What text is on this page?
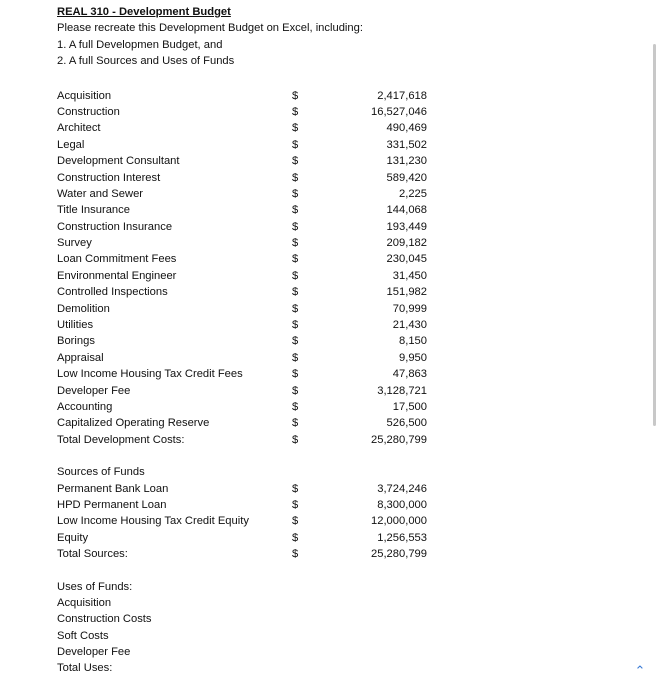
REAL 310 - Development Budget
Please recreate this Development Budget on Excel, including:
1. A full Developmen Budget, and
2. A full Sources and Uses of Funds
Acquisition	$	2,417,618
Construction	$	16,527,046
Architect	$	490,469
Legal	$	331,502
Development Consultant	$	131,230
Construction Interest	$	589,420
Water and Sewer	$	2,225
Title Insurance	$	144,068
Construction Insurance	$	193,449
Survey	$	209,182
Loan Commitment Fees	$	230,045
Environmental Engineer	$	31,450
Controlled Inspections	$	151,982
Demolition	$	70,999
Utilities	$	21,430
Borings	$	8,150
Appraisal	$	9,950
Low Income Housing Tax Credit Fees	$	47,863
Developer Fee	$	3,128,721
Accounting	$	17,500
Capitalized Operating Reserve	$	526,500
Total Development Costs:	$	25,280,799
Sources of Funds
Permanent Bank Loan	$	3,724,246
HPD Permanent Loan	$	8,300,000
Low Income Housing Tax Credit Equity	$	12,000,000
Equity	$	1,256,553
Total Sources:	$	25,280,799
Uses of Funds:
Acquisition
Construction Costs
Soft Costs
Developer Fee
Total Uses:	⌃
